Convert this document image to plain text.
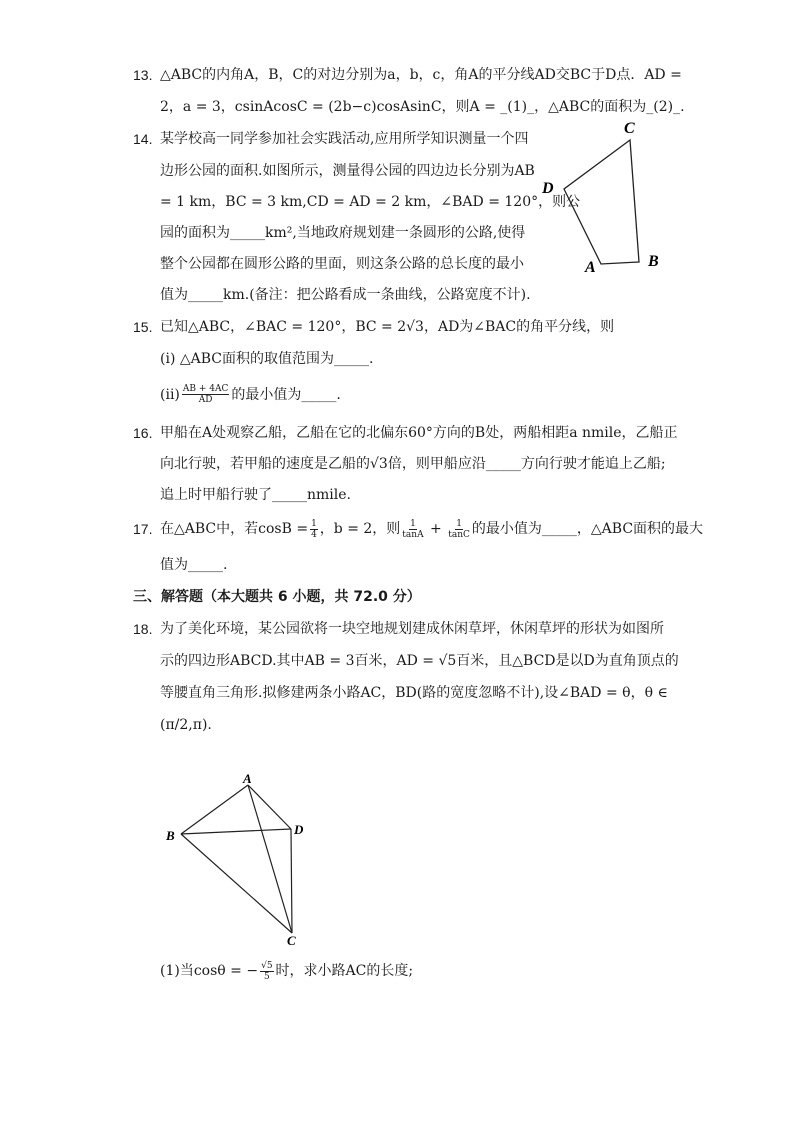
13. △ABC的内角A，B，C的对边分别为a，b，c，角A的平分线AD交BC于D点．AD =
2，a = 3，csinAcosC = (2b−c)cosAsinC，则A = _(1)_，△ABC的面积为_(2)_.
14. 某学校高一同学参加社会实践活动,应用所学知识测量一个四
边形公园的面积.如图所示，测量得公园的四边边长分别为AB
= 1 km，BC = 3 km,CD = AD = 2 km，∠BAD = 120°，则公
园的面积为_____km²,当地政府规划建一条圆形的公路,使得
整个公园都在圆形公路的里面，则这条公路的总长度的最小
值为_____km.(备注：把公路看成一条曲线，公路宽度不计).
C
D
A	B
15. 已知△ABC，∠BAC = 120°，BC = 2√3，AD为∠BAC的角平分线，则
(i) △ABC面积的取值范围为_____.
$(ii) \frac{AB + 4AC}{AD}$ 的最小值为_____.
16. 甲船在A处观察乙船，乙船在它的北偏东60°方向的B处，两船相距a nmile，乙船正
向北行驶，若甲船的速度是乙船的√3倍，则甲船应沿_____方向行驶才能追上乙船;
追上时甲船行驶了_____nmile.
17. 在△ABC中，若$\cos B = \frac{1}{4}$ ，b = 2，则 $\frac{1}{\tan A} + \frac{1}{\tan C}$ 的最小值为_____，△ABC面积的最大
值为_____.
三、解答题（本大题共 6 小题，共 72.0 分）
18. 为了美化环境，某公园欲将一块空地规划建成休闲草坪，休闲草坪的形状为如图所
示的四边形ABCD.其中AB = 3百米，AD = √5百米，且△BCD是以D为直角顶点的
等腰直角三角形.拟修建两条小路AC，BD(路的宽度忽略不计),设∠BAD = θ，θ ∈
(π/2,π).
A
B	D
C
(1)当cosθ = − $\frac{√5}{5}$ 时，求小路AC的长度;
